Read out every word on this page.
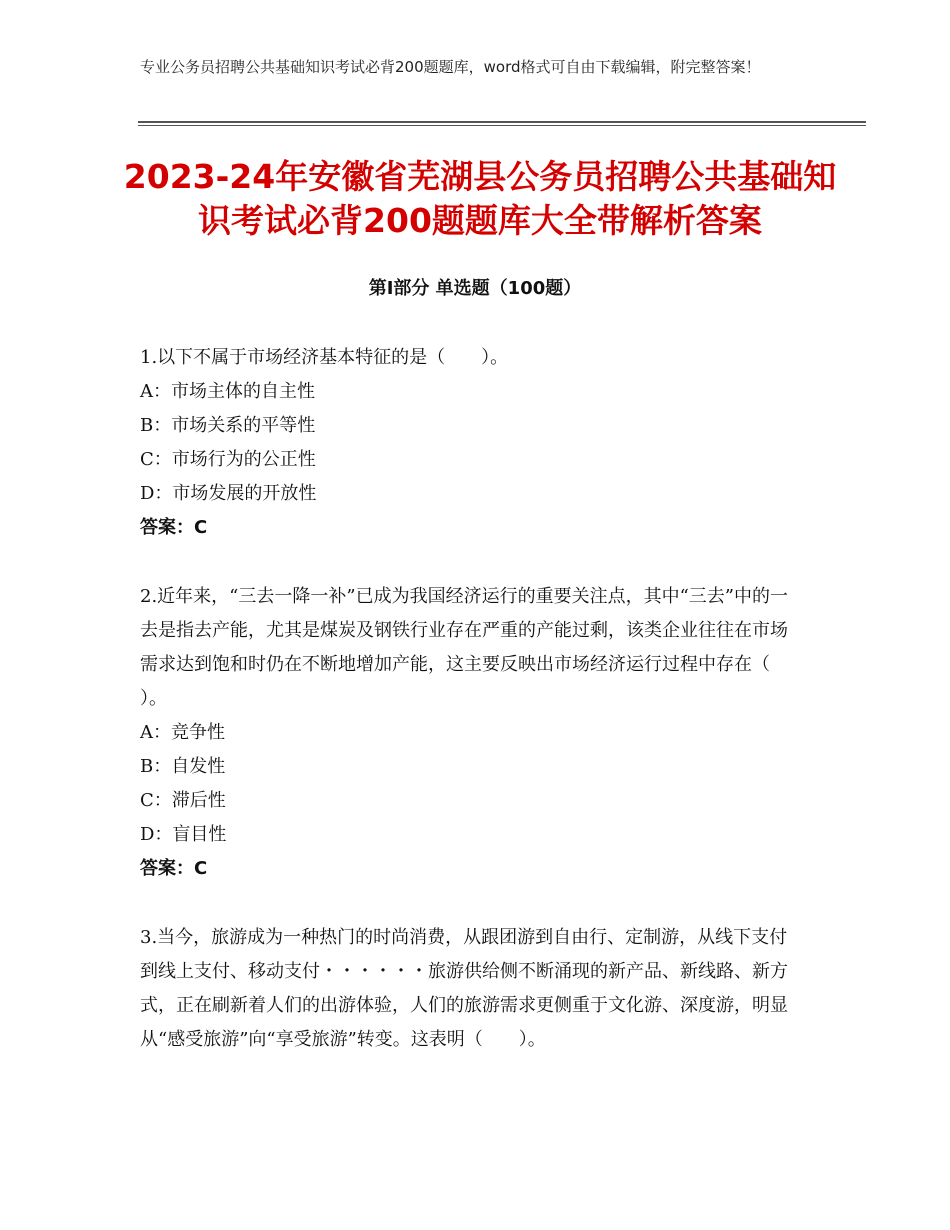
专业公务员招聘公共基础知识考试必背200题题库，word格式可自由下载编辑，附完整答案！
2023-24年安徽省芜湖县公务员招聘公共基础知识考试必背200题题库大全带解析答案
第Ⅰ部分 单选题（100题）

1.以下不属于市场经济基本特征的是（　　）。

A：市场主体的自主性

B：市场关系的平等性

C：市场行为的公正性

D：市场发展的开放性

答案：C

2.近年来，“三去一降一补”已成为我国经济运行的重要关注点，其中“三去”中的一去是指去产能，尤其是煤炭及钢铁行业存在严重的产能过剩，该类企业往往在市场需求达到饱和时仍在不断地增加产能，这主要反映出市场经济运行过程中存在（ ）。

A：竞争性

B：自发性

C：滞后性

D：盲目性

答案：C

3.当今，旅游成为一种热门的时尚消费，从跟团游到自由行、定制游，从线下支付到线上支付、移动支付・・・・・・旅游供给侧不断涌现的新产品、新线路、新方式，正在刷新着人们的出游体验，人们的旅游需求更侧重于文化游、深度游，明显从“感受旅游”向“享受旅游”转变。这表明（　　）。
